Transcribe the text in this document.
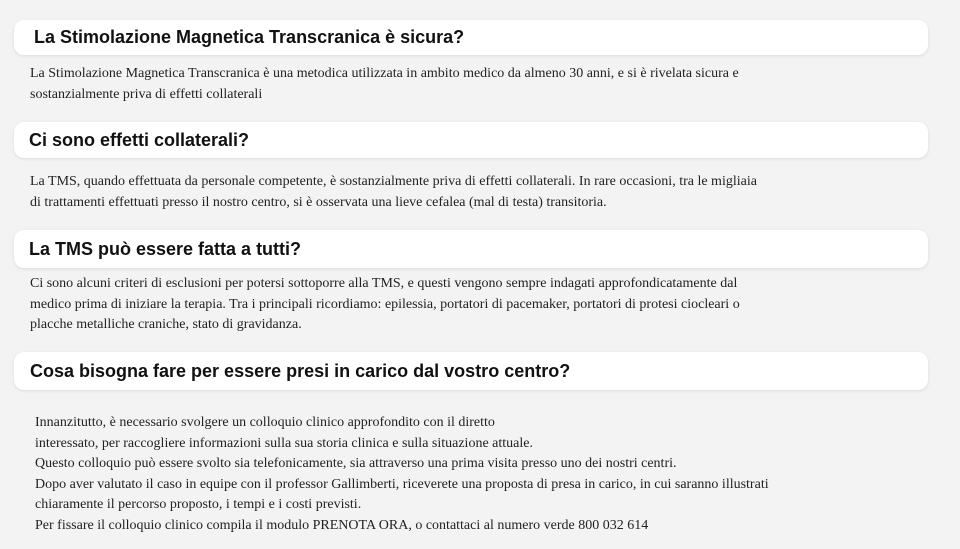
La Stimolazione Magnetica Transcranica è sicura?

La Stimolazione Magnetica Transcranica è una metodica utilizzata in ambito medico da almeno 30 anni, e si è rivelata sicura e

sostanzialmente priva di effetti collaterali

Ci sono effetti collaterali?

La TMS, quando effettuata da personale competente, è sostanzialmente priva di effetti collaterali. In rare occasioni, tra le migliaia

di trattamenti effettuati presso il nostro centro, si è osservata una lieve cefalea (mal di testa) transitoria.

La TMS può essere fatta a tutti?

Ci sono alcuni criteri di esclusioni per potersi sottoporre alla TMS, e questi vengono sempre indagati approfondicatamente dal

medico prima di iniziare la terapia. Tra i principali ricordiamo: epilessia, portatori di pacemaker, portatori di protesi ciocleari o

placche metalliche craniche, stato di gravidanza.

Cosa bisogna fare per essere presi in carico dal vostro centro?

Innanzitutto, è necessario svolgere un colloquio clinico approfondito con il diretto

interessato, per raccogliere informazioni sulla sua storia clinica e sulla situazione attuale.

Questo colloquio può essere svolto sia telefonicamente, sia attraverso una prima visita presso uno dei nostri centri.

Dopo aver valutato il caso in equipe con il professor Gallimberti, riceverete una proposta di presa in carico, in cui saranno illustrati

chiaramente il percorso proposto, i tempi e i costi previsti.

Per fissare il colloquio clinico compila il modulo PRENOTA ORA, o contattaci al numero verde 800 032 614
